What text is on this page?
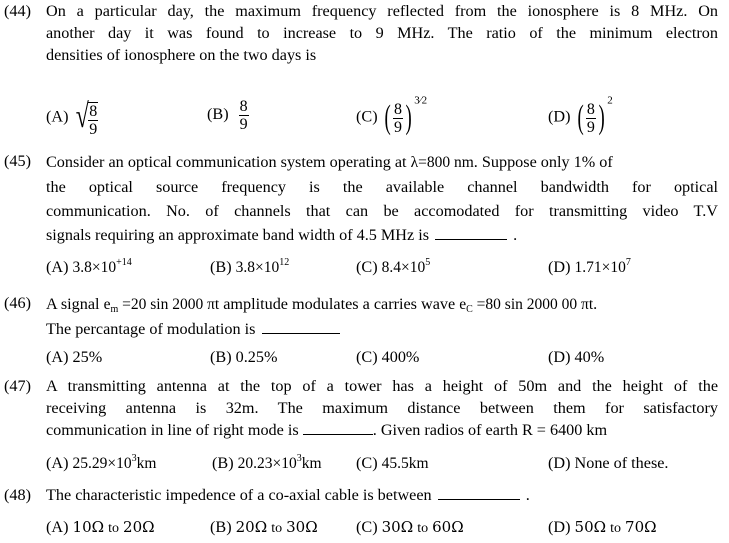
(44) On a particular day, the maximum frequency reflected from the ionosphere is 8 MHz. On
another day it was found to increase to 9 MHz. The ratio of the minimum electron
densities of ionosphere on the two days is
(A) √ $\frac{8}{9}$	$(B) \frac{8}{9}$	(C) ( $\frac{8}{9}$ ) $^{3⁄2}$
(D) ( $\frac{8}{9}$ ) $^2$
(45) Consider an optical communication system operating at λ=800 nm. Suppose only 1% of
the optical source frequency is the available channel bandwidth for optical
communication. No. of channels that can be accomodated for transmitting video T.V
signals requiring an approximate band width of 4.5 MHz is	.
(A) $3.8\times 10^{+14}$	(B) $3.8\times 10^{12}$	(C) $8.4\times 10^5$	(D) $1.71\times 10^7$
(46) A signal $e_m =20$ sin 2000 πt amplitude modulates a carries wave $e_C =80$ sin 2000 00 πt.
The percantage of modulation is
(A) 25%	(B) 0.25%	(C) 400%	(D) 40%
(47) A transmitting antenna at the top of a tower has a height of 50m and the height of the
receiving antenna is 32m. The maximum distance between them for satisfactory
communication in line of right mode is	. Given radios of earth R = 6400 km
(A) $25.29\times 10^3km$	(B) $20.23\times 10^3km$ (C) 45.5km	(D) None of these.
(48) The characteristic impedence of a co-axial cable is between	.
(A) 10Ω to 20Ω	(B) 20Ω to 30Ω (C) 30Ω to 60Ω	(D) 50Ω to 70Ω
